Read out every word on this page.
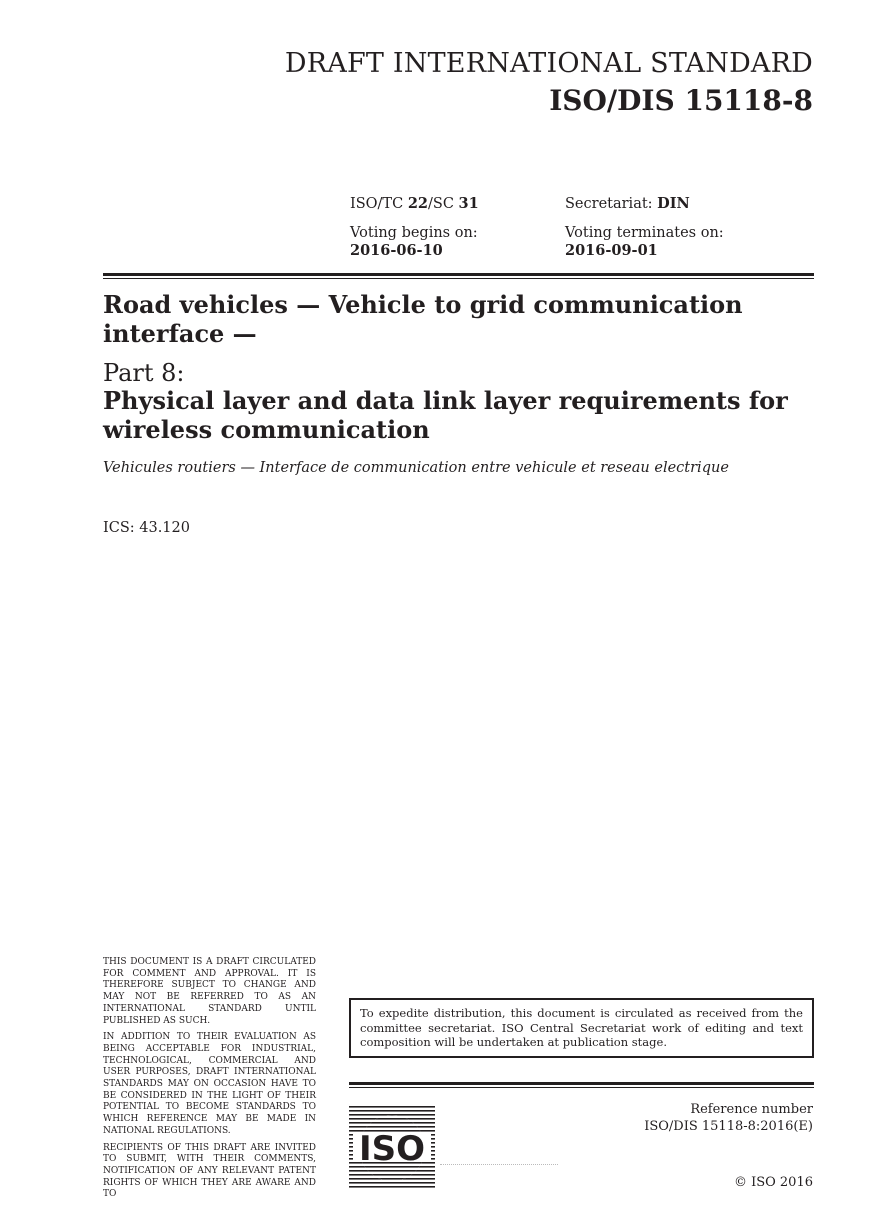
DRAFT INTERNATIONAL STANDARD
ISO/DIS 15118-8
ISO/TC 22/SC 31	Secretariat: DIN
Voting begins on:
2016-06-10
Voting terminates on:
2016-09-01
Road vehicles — Vehicle to grid communication
interface —
Part 8:
Physical layer and data link layer requirements for
wireless communication
Vehicules routiers — Interface de communication entre vehicule et reseau electrique
ICS: 43.120

THIS DOCUMENT IS A DRAFT CIRCULATED FOR COMMENT AND APPROVAL. IT IS THEREFORE SUBJECT TO CHANGE AND MAY NOT BE REFERRED TO AS AN INTERNATIONAL STANDARD UNTIL PUBLISHED AS SUCH.

IN ADDITION TO THEIR EVALUATION AS BEING ACCEPTABLE FOR INDUSTRIAL, TECHNOLOGICAL, COMMERCIAL AND USER PURPOSES, DRAFT INTERNATIONAL STANDARDS MAY ON OCCASION HAVE TO BE CONSIDERED IN THE LIGHT OF THEIR POTENTIAL TO BECOME STANDARDS TO WHICH REFERENCE MAY BE MADE IN NATIONAL REGULATIONS.

RECIPIENTS OF THIS DRAFT ARE INVITED TO SUBMIT, WITH THEIR COMMENTS, NOTIFICATION OF ANY RELEVANT PATENT RIGHTS OF WHICH THEY ARE AWARE AND TO

To expedite distribution, this document is circulated as received from the committee secretariat. ISO Central Secretariat work of editing and text composition will be undertaken at publication stage.
ISO
Reference number
ISO/DIS 15118-8:2016(E)
© ISO 2016
